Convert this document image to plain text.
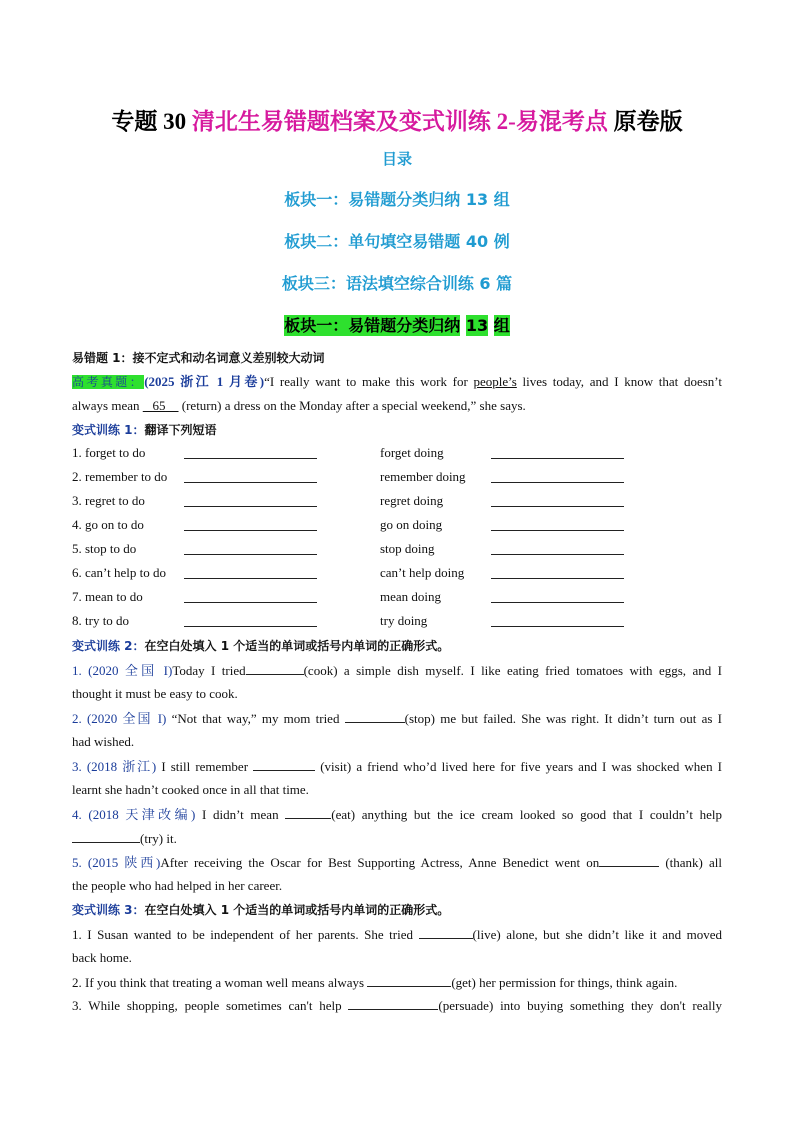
专题 30 清北生易错题档案及变式训练 2-易混考点 原卷版
目录
板块一：易错题分类归纳 13 组
板块二：单句填空易错题 40 例
板块三：语法填空综合训练 6 篇
板块一：易错题分类归纳 13 组
易错题 1：接不定式和动名词意义差别较大动词
高考真题：(2025 浙江 1 月卷)“I really want to make this work for people’s lives today, and I know that doesn’t
always mean    65     (return) a dress on the Monday after a special weekend,” she says.
变式训练 1：翻译下列短语
1. forget to do	forget doing
2. remember to do	remember doing
3. regret to do	regret doing
4. go on to do	go on doing
5. stop to do	stop doing
6. can’t help to do	can’t help doing
7. mean to do	mean doing
8. try to do	try doing
变式训练 2：在空白处填入 1 个适当的单词或括号内单词的正确形式。
1. (2020 全国 I)Today I tried	(cook) a simple dish myself. I like eating fried tomatoes with eggs, and I
thought it must be easy to cook.
2. (2020 全国 I) “Not that way,” my mom tried	(stop) me but failed. She was right. It didn’t turn out as I
had wished.
3. (2018 浙江) I still remember	(visit) a friend who’d lived here for five years and I was shocked when I
learnt she hadn’t cooked once in all that time.
4. (2018 天津改编) I didn’t mean	(eat) anything but the ice cream looked so good that I couldn’t help
(try) it.
5. (2015 陕西)After receiving the Oscar for Best Supporting Actress, Anne Benedict went on	(thank) all
the people who had helped in her career.
变式训练 3：在空白处填入 1 个适当的单词或括号内单词的正确形式。
1. I Susan wanted to be independent of her parents. She tried	(live) alone, but she didn’t like it and moved
back home.
2. If you think that treating a woman well means always	(get) her permission for things, think again.
3. While shopping, people sometimes can't help	(persuade) into buying something they don't really
